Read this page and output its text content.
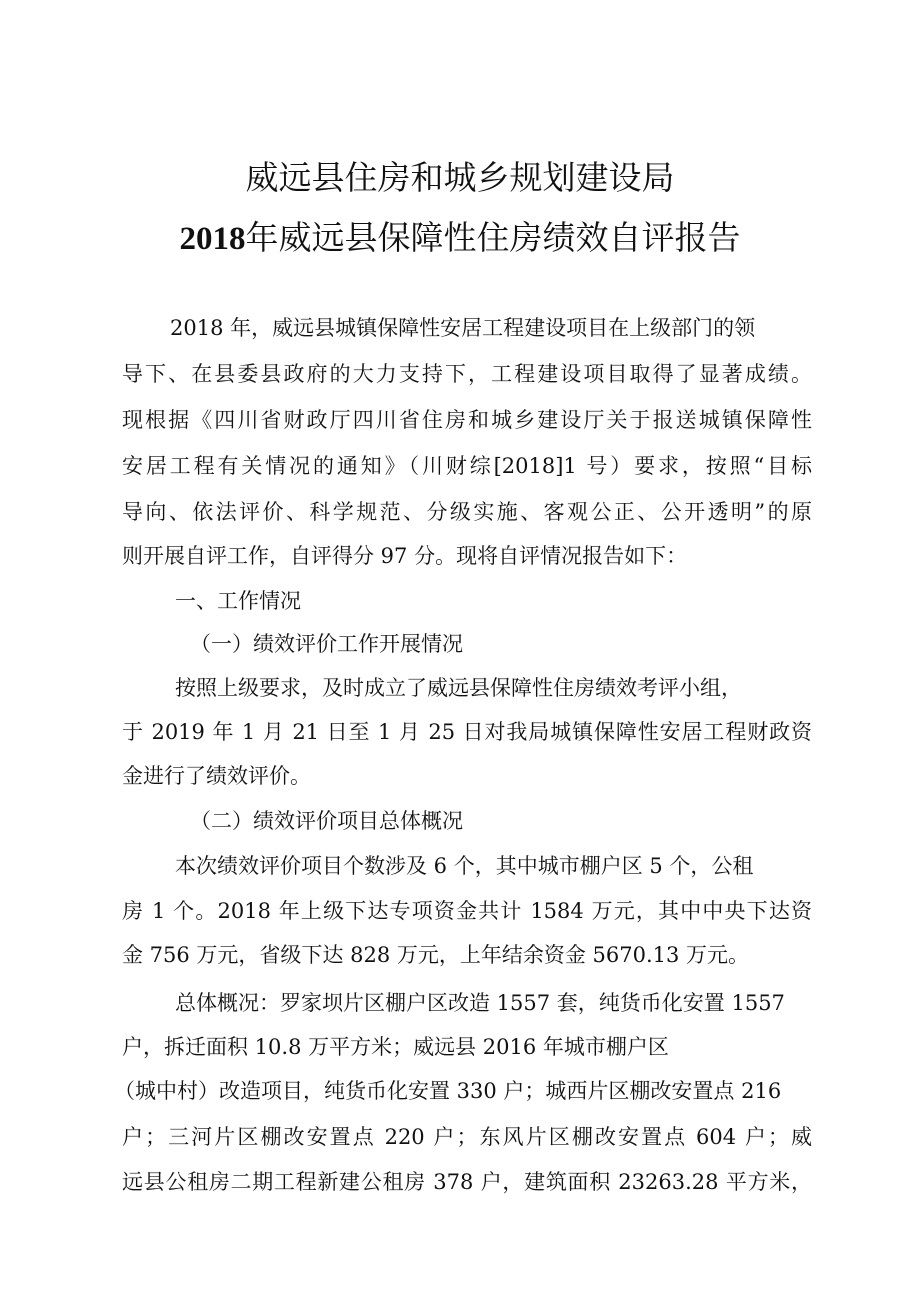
威远县住房和城乡规划建设局
2018年威远县保障性住房绩效自评报告

2018 年，威远县城镇保障性安居工程建设项目在上级部门的领

导下、在县委县政府的大力支持下，工程建设项目取得了显著成绩。

现根据《四川省财政厅四川省住房和城乡建设厅关于报送城镇保障性

安居工程有关情况的通知》（川财综[2018]1 号）要求，按照“目标

导向、依法评价、科学规范、分级实施、客观公正、公开透明”的原

则开展自评工作，自评得分 97 分。现将自评情况报告如下：

一、工作情况

（一）绩效评价工作开展情况

按照上级要求，及时成立了威远县保障性住房绩效考评小组，

于 2019 年 1 月 21 日至 1 月 25 日对我局城镇保障性安居工程财政资

金进行了绩效评价。

（二）绩效评价项目总体概况

本次绩效评价项目个数涉及 6 个，其中城市棚户区 5 个，公租

房 1 个。2018 年上级下达专项资金共计 1584 万元，其中中央下达资

金 756 万元，省级下达 828 万元，上年结余资金 5670.13 万元。

总体概况：罗家坝片区棚户区改造 1557 套，纯货币化安置 1557

户，拆迁面积 10.8 万平方米；威远县 2016 年城市棚户区

（城中村）改造项目，纯货币化安置 330 户；城西片区棚改安置点 216

户；三河片区棚改安置点 220 户；东风片区棚改安置点 604 户；威

远县公租房二期工程新建公租房 378 户，建筑面积 23263.28 平方米，
